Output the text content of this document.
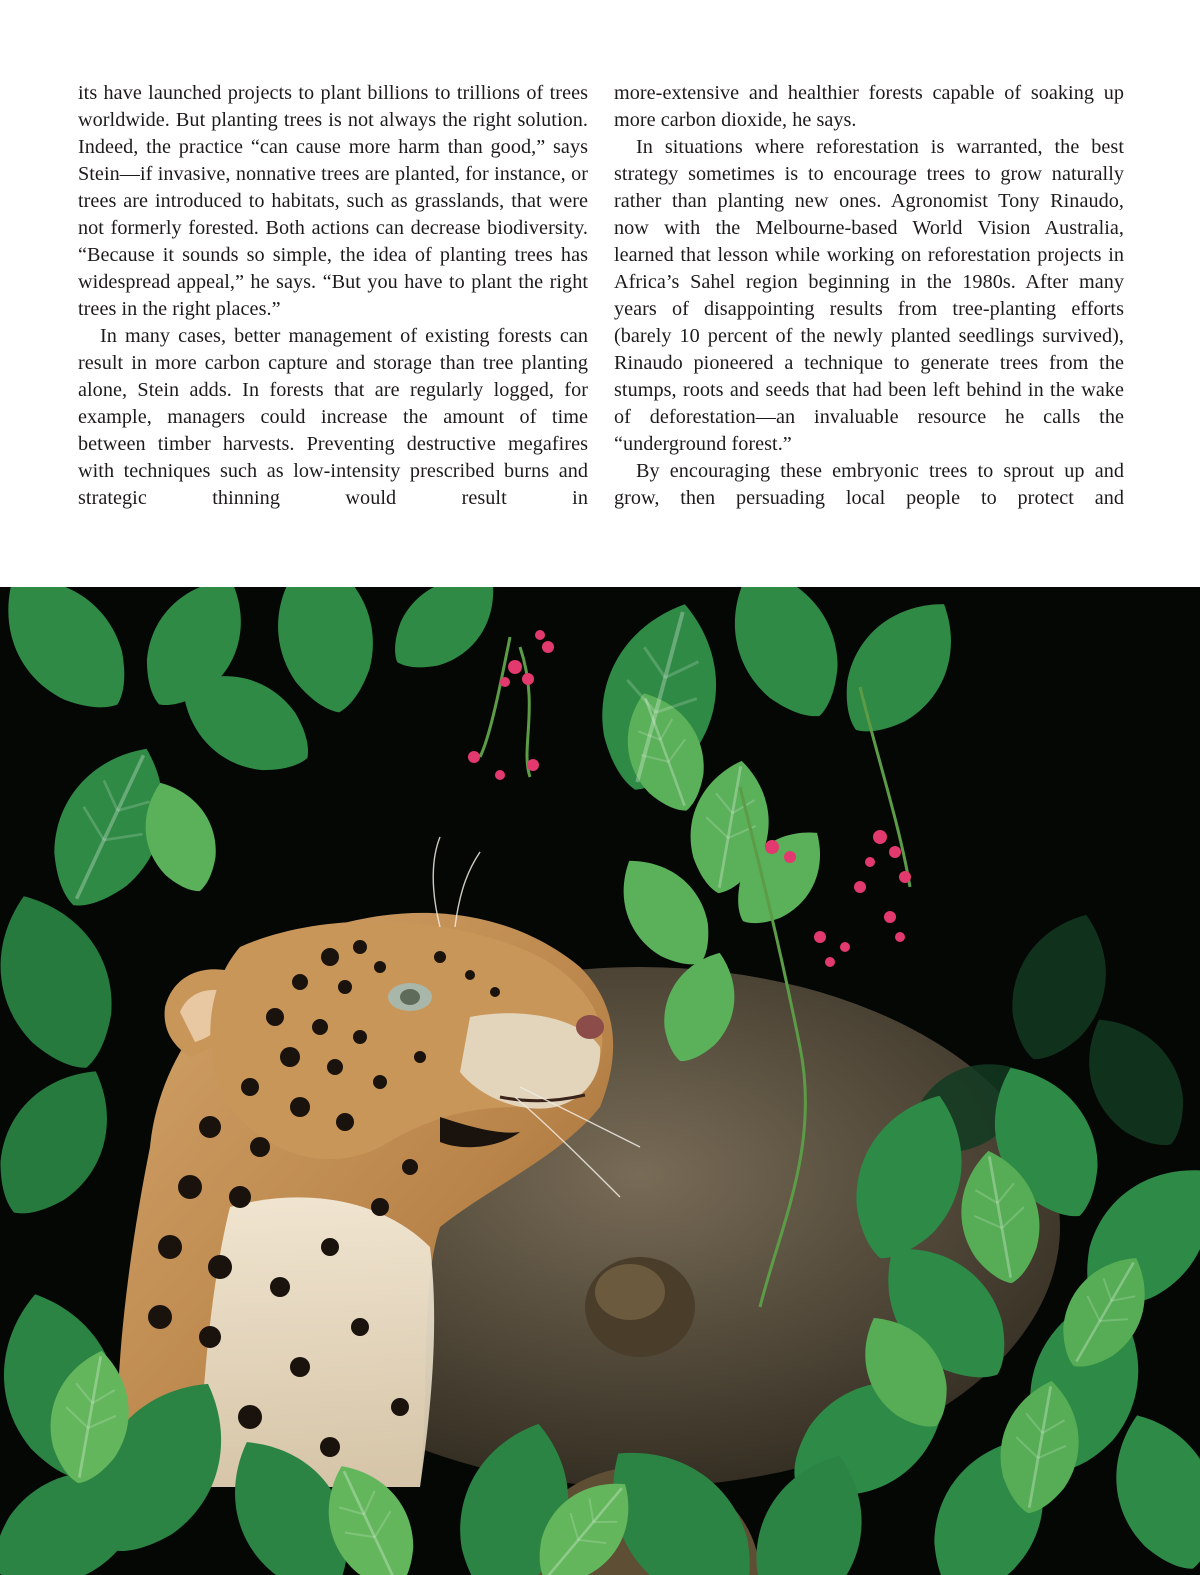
its have launched projects to plant billions to trillions of trees worldwide. But planting trees is not always the right solution. Indeed, the practice “can cause more harm than good,” says Stein—if invasive, nonnative trees are planted, for instance, or trees are introduced to habitats, such as grasslands, that were not formerly forested. Both actions can decrease biodiversity. “Because it sounds so simple, the idea of planting trees has widespread appeal,” he says. “But you have to plant the right trees in the right places.”

In many cases, better management of existing forests can result in more carbon capture and storage than tree planting alone, Stein adds. In forests that are regularly logged, for example, managers could increase the amount of time between timber harvests. Preventing destructive megafires with techniques such as low-intensity prescribed burns and strategic thinning would result in

more-extensive and healthier forests capable of soaking up more carbon dioxide, he says.

In situations where reforestation is warranted, the best strategy sometimes is to encourage trees to grow naturally rather than planting new ones. Agronomist Tony Rinaudo, now with the Melbourne-based World Vision Australia, learned that lesson while working on reforestation projects in Africa’s Sahel region beginning in the 1980s. After many years of disappointing results from tree-planting efforts (barely 10 percent of the newly planted seedlings survived), Rinaudo pioneered a technique to generate trees from the stumps, roots and seeds that had been left behind in the wake of deforestation—an invaluable resource he calls the “underground forest.”

By encouraging these embryonic trees to sprout up and grow, then persuading local people to protect and
